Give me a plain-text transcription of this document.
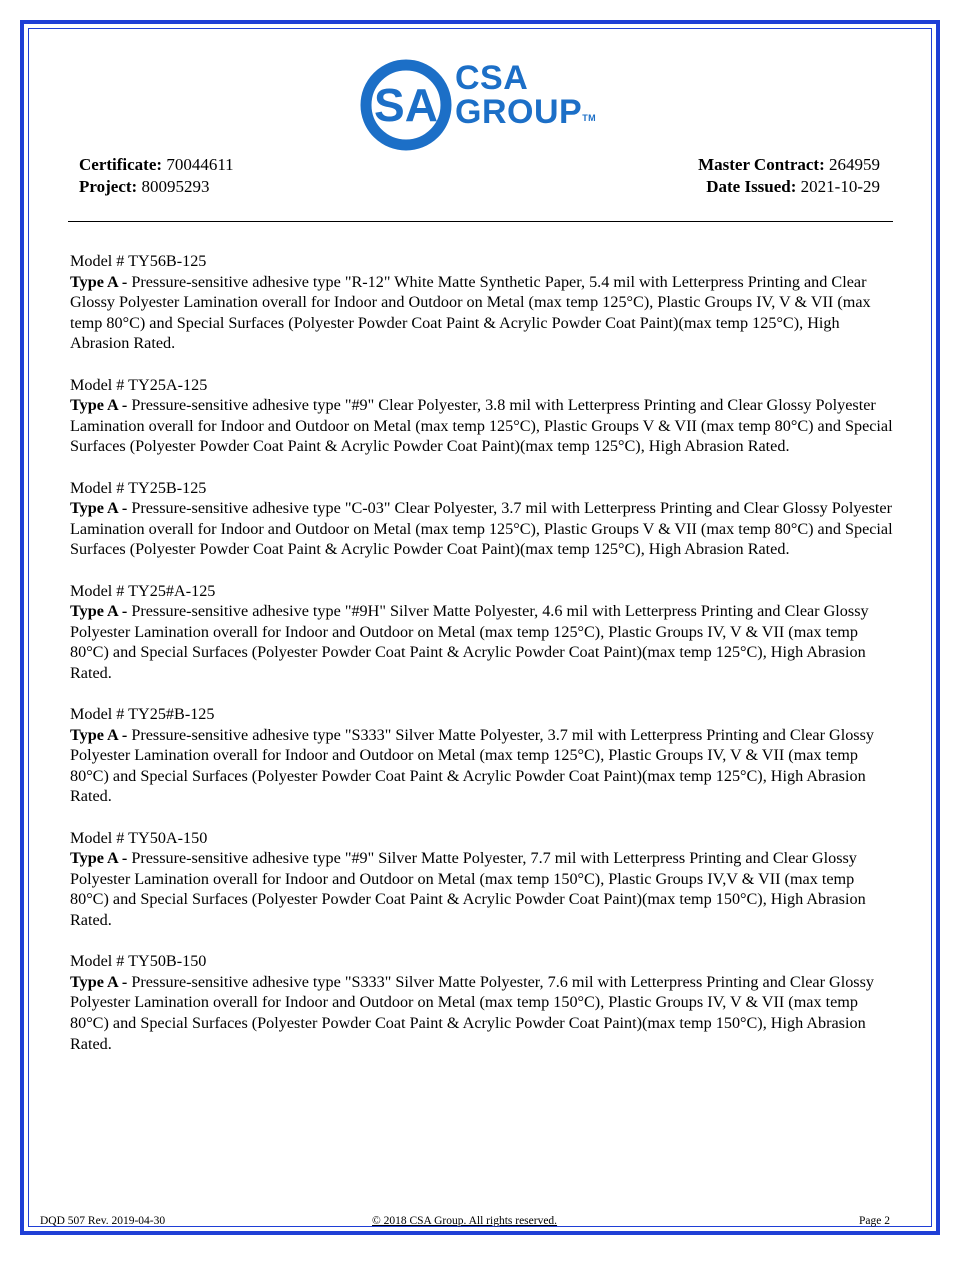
SA
CSA
GROUP™
Certificate: 70044611
Project: 80095293
Master Contract: 264959
Date Issued: 2021-10-29
Model # TY56B-125
Type A - Pressure-sensitive adhesive type "R-12" White Matte Synthetic Paper, 5.4 mil with Letterpress Printing and Clear Glossy Polyester Lamination overall for Indoor and Outdoor on Metal (max temp 125°C), Plastic Groups IV, V & VII (max temp 80°C) and Special Surfaces (Polyester Powder Coat Paint & Acrylic Powder Coat Paint)(max temp 125°C), High Abrasion Rated.
Model # TY25A-125
Type A - Pressure-sensitive adhesive type "#9" Clear Polyester, 3.8 mil with Letterpress Printing and Clear Glossy Polyester Lamination overall for Indoor and Outdoor on Metal (max temp 125°C), Plastic Groups V & VII (max temp 80°C) and Special Surfaces (Polyester Powder Coat Paint & Acrylic Powder Coat Paint)(max temp 125°C), High Abrasion Rated.
Model # TY25B-125
Type A - Pressure-sensitive adhesive type "C-03" Clear Polyester, 3.7 mil with Letterpress Printing and Clear Glossy Polyester Lamination overall for Indoor and Outdoor on Metal (max temp 125°C), Plastic Groups V & VII (max temp 80°C) and Special Surfaces (Polyester Powder Coat Paint & Acrylic Powder Coat Paint)(max temp 125°C), High Abrasion Rated.
Model # TY25#A-125
Type A - Pressure-sensitive adhesive type "#9H" Silver Matte Polyester, 4.6 mil with Letterpress Printing and Clear Glossy Polyester Lamination overall for Indoor and Outdoor on Metal (max temp 125°C), Plastic Groups IV, V & VII (max temp 80°C) and Special Surfaces (Polyester Powder Coat Paint & Acrylic Powder Coat Paint)(max temp 125°C), High Abrasion Rated.
Model # TY25#B-125
Type A - Pressure-sensitive adhesive type "S333" Silver Matte Polyester, 3.7 mil with Letterpress Printing and Clear Glossy Polyester Lamination overall for Indoor and Outdoor on Metal (max temp 125°C), Plastic Groups IV, V & VII (max temp 80°C) and Special Surfaces (Polyester Powder Coat Paint & Acrylic Powder Coat Paint)(max temp 125°C), High Abrasion Rated.
Model # TY50A-150
Type A - Pressure-sensitive adhesive type "#9" Silver Matte Polyester, 7.7 mil with Letterpress Printing and Clear Glossy Polyester Lamination overall for Indoor and Outdoor on Metal (max temp 150°C), Plastic Groups IV,V & VII (max temp 80°C) and Special Surfaces (Polyester Powder Coat Paint & Acrylic Powder Coat Paint)(max temp 150°C), High Abrasion Rated.
Model # TY50B-150
Type A - Pressure-sensitive adhesive type "S333" Silver Matte Polyester, 7.6 mil with Letterpress Printing and Clear Glossy Polyester Lamination overall for Indoor and Outdoor on Metal (max temp 150°C), Plastic Groups IV, V & VII (max temp 80°C) and Special Surfaces (Polyester Powder Coat Paint & Acrylic Powder Coat Paint)(max temp 150°C), High Abrasion Rated.
DQD 507 Rev. 2019-04-30	© 2018 CSA Group. All rights reserved.	Page 2
